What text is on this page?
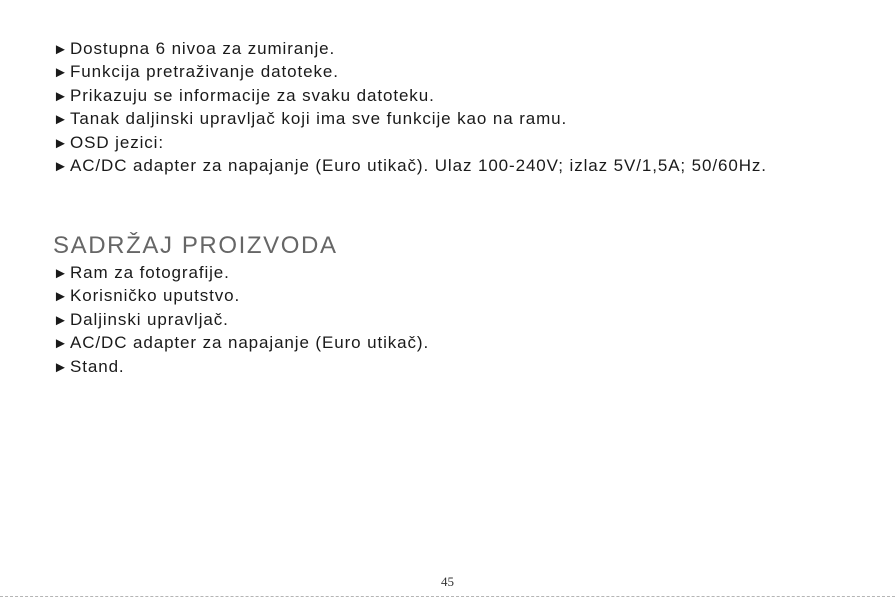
► Dostupna 6 nivoa za zumiranje.
► Funkcija pretraživanje datoteke.
► Prikazuju se informacije za svaku datoteku.
► Tanak daljinski upravljač koji ima sve funkcije kao na ramu.
► OSD jezici:
► AC/DC adapter za napajanje (Euro utikač). Ulaz 100-240V; izlaz 5V/1,5A; 50/60Hz.
SADRŽAJ PROIZVODA
► Ram za fotografije.
► Korisničko uputstvo.
► Daljinski upravljač.
► AC/DC adapter za napajanje (Euro utikač).
► Stand.
45
